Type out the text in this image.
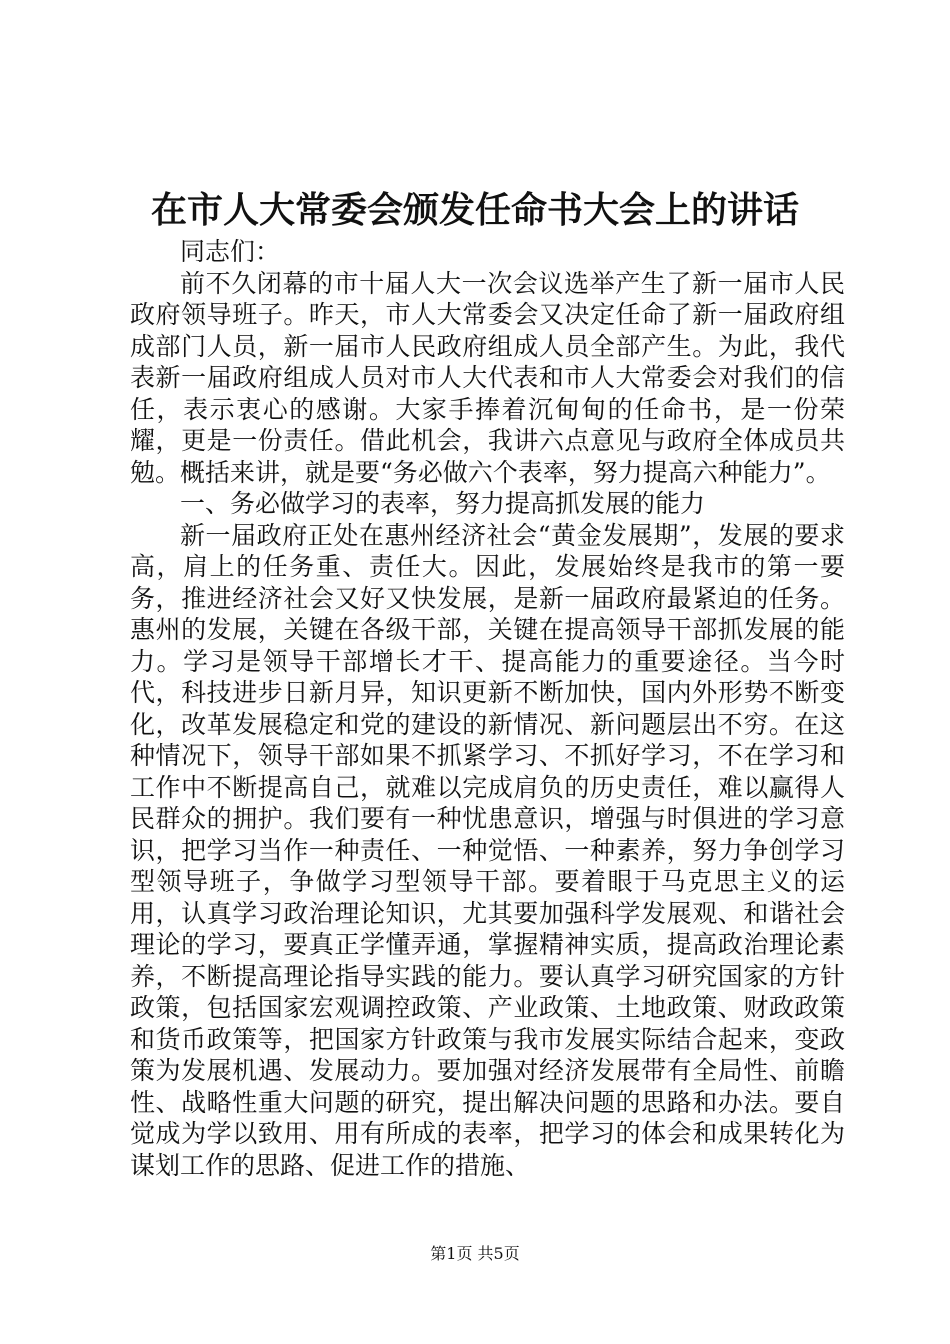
在市人大常委会颁发任命书大会上的讲话

同志们：

前不久闭幕的市十届人大一次会议选举产生了新一届市人民政府领导班子。昨天，市人大常委会又决定任命了新一届政府组成部门人员，新一届市人民政府组成人员全部产生。为此，我代表新一届政府组成人员对市人大代表和市人大常委会对我们的信任，表示衷心的感谢。大家手捧着沉甸甸的任命书，是一份荣耀，更是一份责任。借此机会，我讲六点意见与政府全体成员共勉。概括来讲，就是要“务必做六个表率，努力提高六种能力”。

一、务必做学习的表率，努力提高抓发展的能力

新一届政府正处在惠州经济社会“黄金发展期”，发展的要求高，肩上的任务重、责任大。因此，发展始终是我市的第一要务，推进经济社会又好又快发展，是新一届政府最紧迫的任务。惠州的发展，关键在各级干部，关键在提高领导干部抓发展的能力。学习是领导干部增长才干、提高能力的重要途径。当今时代，科技进步日新月异，知识更新不断加快，国内外形势不断变化，改革发展稳定和党的建设的新情况、新问题层出不穷。在这种情况下，领导干部如果不抓紧学习、不抓好学习，不在学习和工作中不断提高自己，就难以完成肩负的历史责任，难以赢得人民群众的拥护。我们要有一种忧患意识，增强与时俱进的学习意识，把学习当作一种责任、一种觉悟、一种素养，努力争创学习型领导班子，争做学习型领导干部。要着眼于马克思主义的运用，认真学习政治理论知识，尤其要加强科学发展观、和谐社会理论的学习，要真正学懂弄通，掌握精神实质，提高政治理论素养，不断提高理论指导实践的能力。要认真学习研究国家的方针政策，包括国家宏观调控政策、产业政策、土地政策、财政政策和货币政策等，把国家方针政策与我市发展实际结合起来，变政策为发展机遇、发展动力。要加强对经济发展带有全局性、前瞻性、战略性重大问题的研究，提出解决问题的思路和办法。要自觉成为学以致用、用有所成的表率，把学习的体会和成果转化为谋划工作的思路、促进工作的措施、

第1页 共5页
